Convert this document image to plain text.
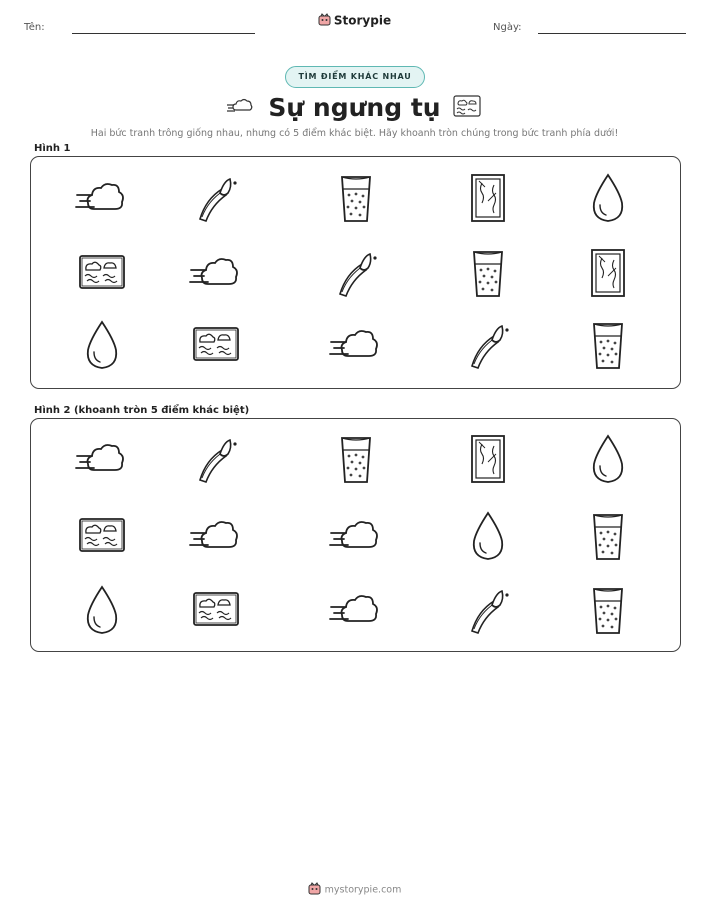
Tên:	Storypie	Ngày:
TÌM ĐIỂM KHÁC NHAU
Sự ngưng tụ
Hai bức tranh trông giống nhau, nhưng có 5 điểm khác biệt. Hãy khoanh tròn chúng trong bức tranh phía dưới!
Hình 1
Hình 2 (khoanh tròn 5 điểm khác biệt)
mystorypie.com
